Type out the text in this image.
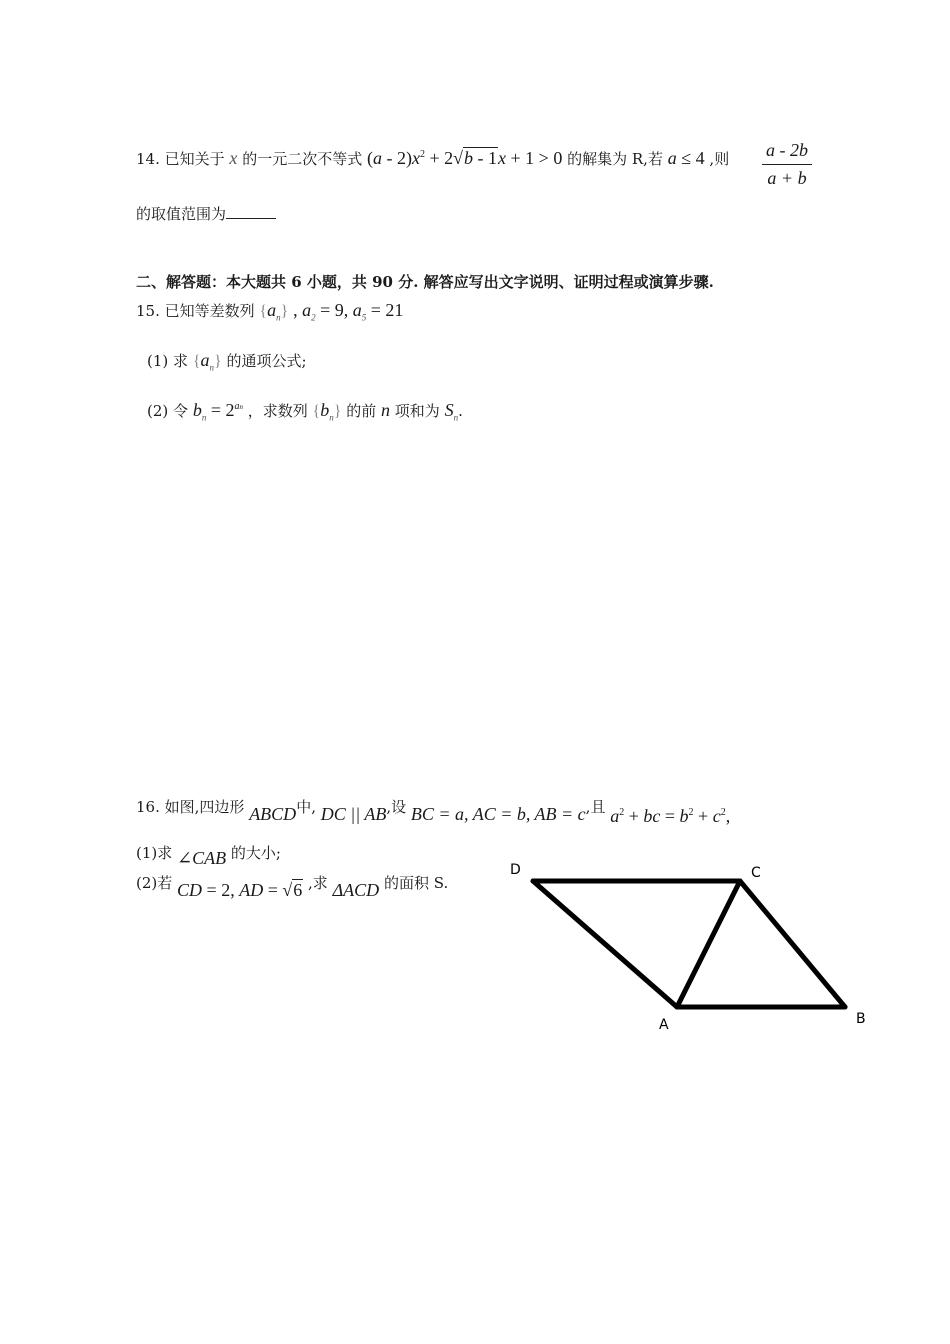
14. 已知关于 x 的一元二次不等式 $(a - 2)x^2 + 2√b - 1x + 1 > 0$ 的解集为 R,若 a ≤ 4 ,则 a - 2b
a + b
的取值范围为
二、解答题：本大题共 6 小题，共 90 分. 解答应写出文字说明、证明过程或演算步骤.
15. 已知等差数列 $\{a_n\}$ , $a_2 = 9$, $a_5 = 21$
(1) 求 $\{a_n\}$ 的通项公式;
(2) 令 $b_n = 2^{an}$ ，求数列 $\{b_n\}$ 的前 n 项和为 $S_n$.
16. 如图,四边形 ABCD中, DC || AB,设 BC = a, AC = b, AB = c,且 $a^2$ + bc = $b^2 + c^2$,
(1)求 ∠CAB 的大小;
(2)若 CD = 2, AD = √6 ,求 ΔACD 的面积 S.
D	C
A	B
